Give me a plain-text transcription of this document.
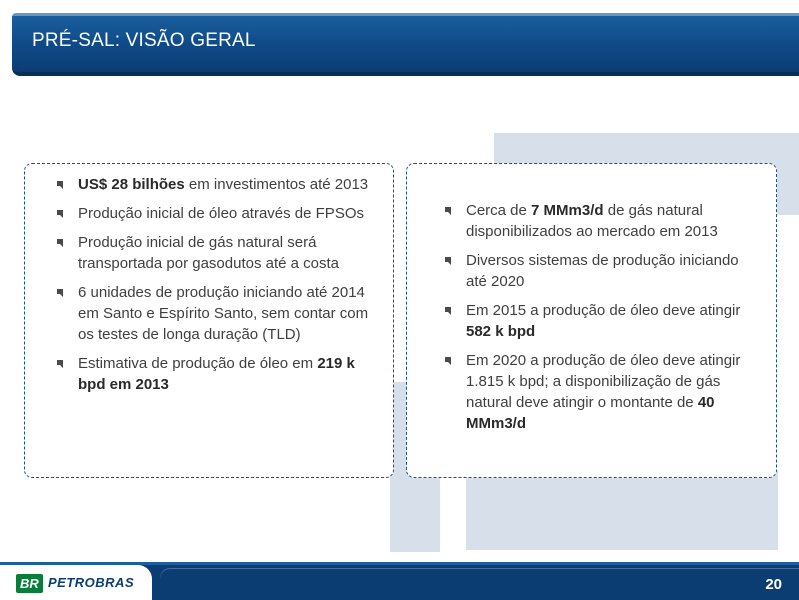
PRÉ-SAL: VISÃO GERAL
US$ 28 bilhões em investimentos até 2013
Produção inicial de óleo através de FPSOs
Produção inicial de gás natural será transportada por gasodutos até a costa
6 unidades de produção iniciando até 2014 em Santo e Espírito Santo, sem contar com os testes de longa duração (TLD)
Estimativa de produção de óleo em 219 k bpd em 2013
Cerca de 7 MMm3/d de gás natural disponibilizados ao mercado em 2013
Diversos sistemas de produção iniciando até 2020
Em 2015 a produção de óleo deve atingir 582 k bpd
Em 2020 a produção de óleo deve atingir 1.815 k bpd; a disponibilização de gás natural deve atingir o montante de 40 MMm3/d
BR PETROBRAS	20
